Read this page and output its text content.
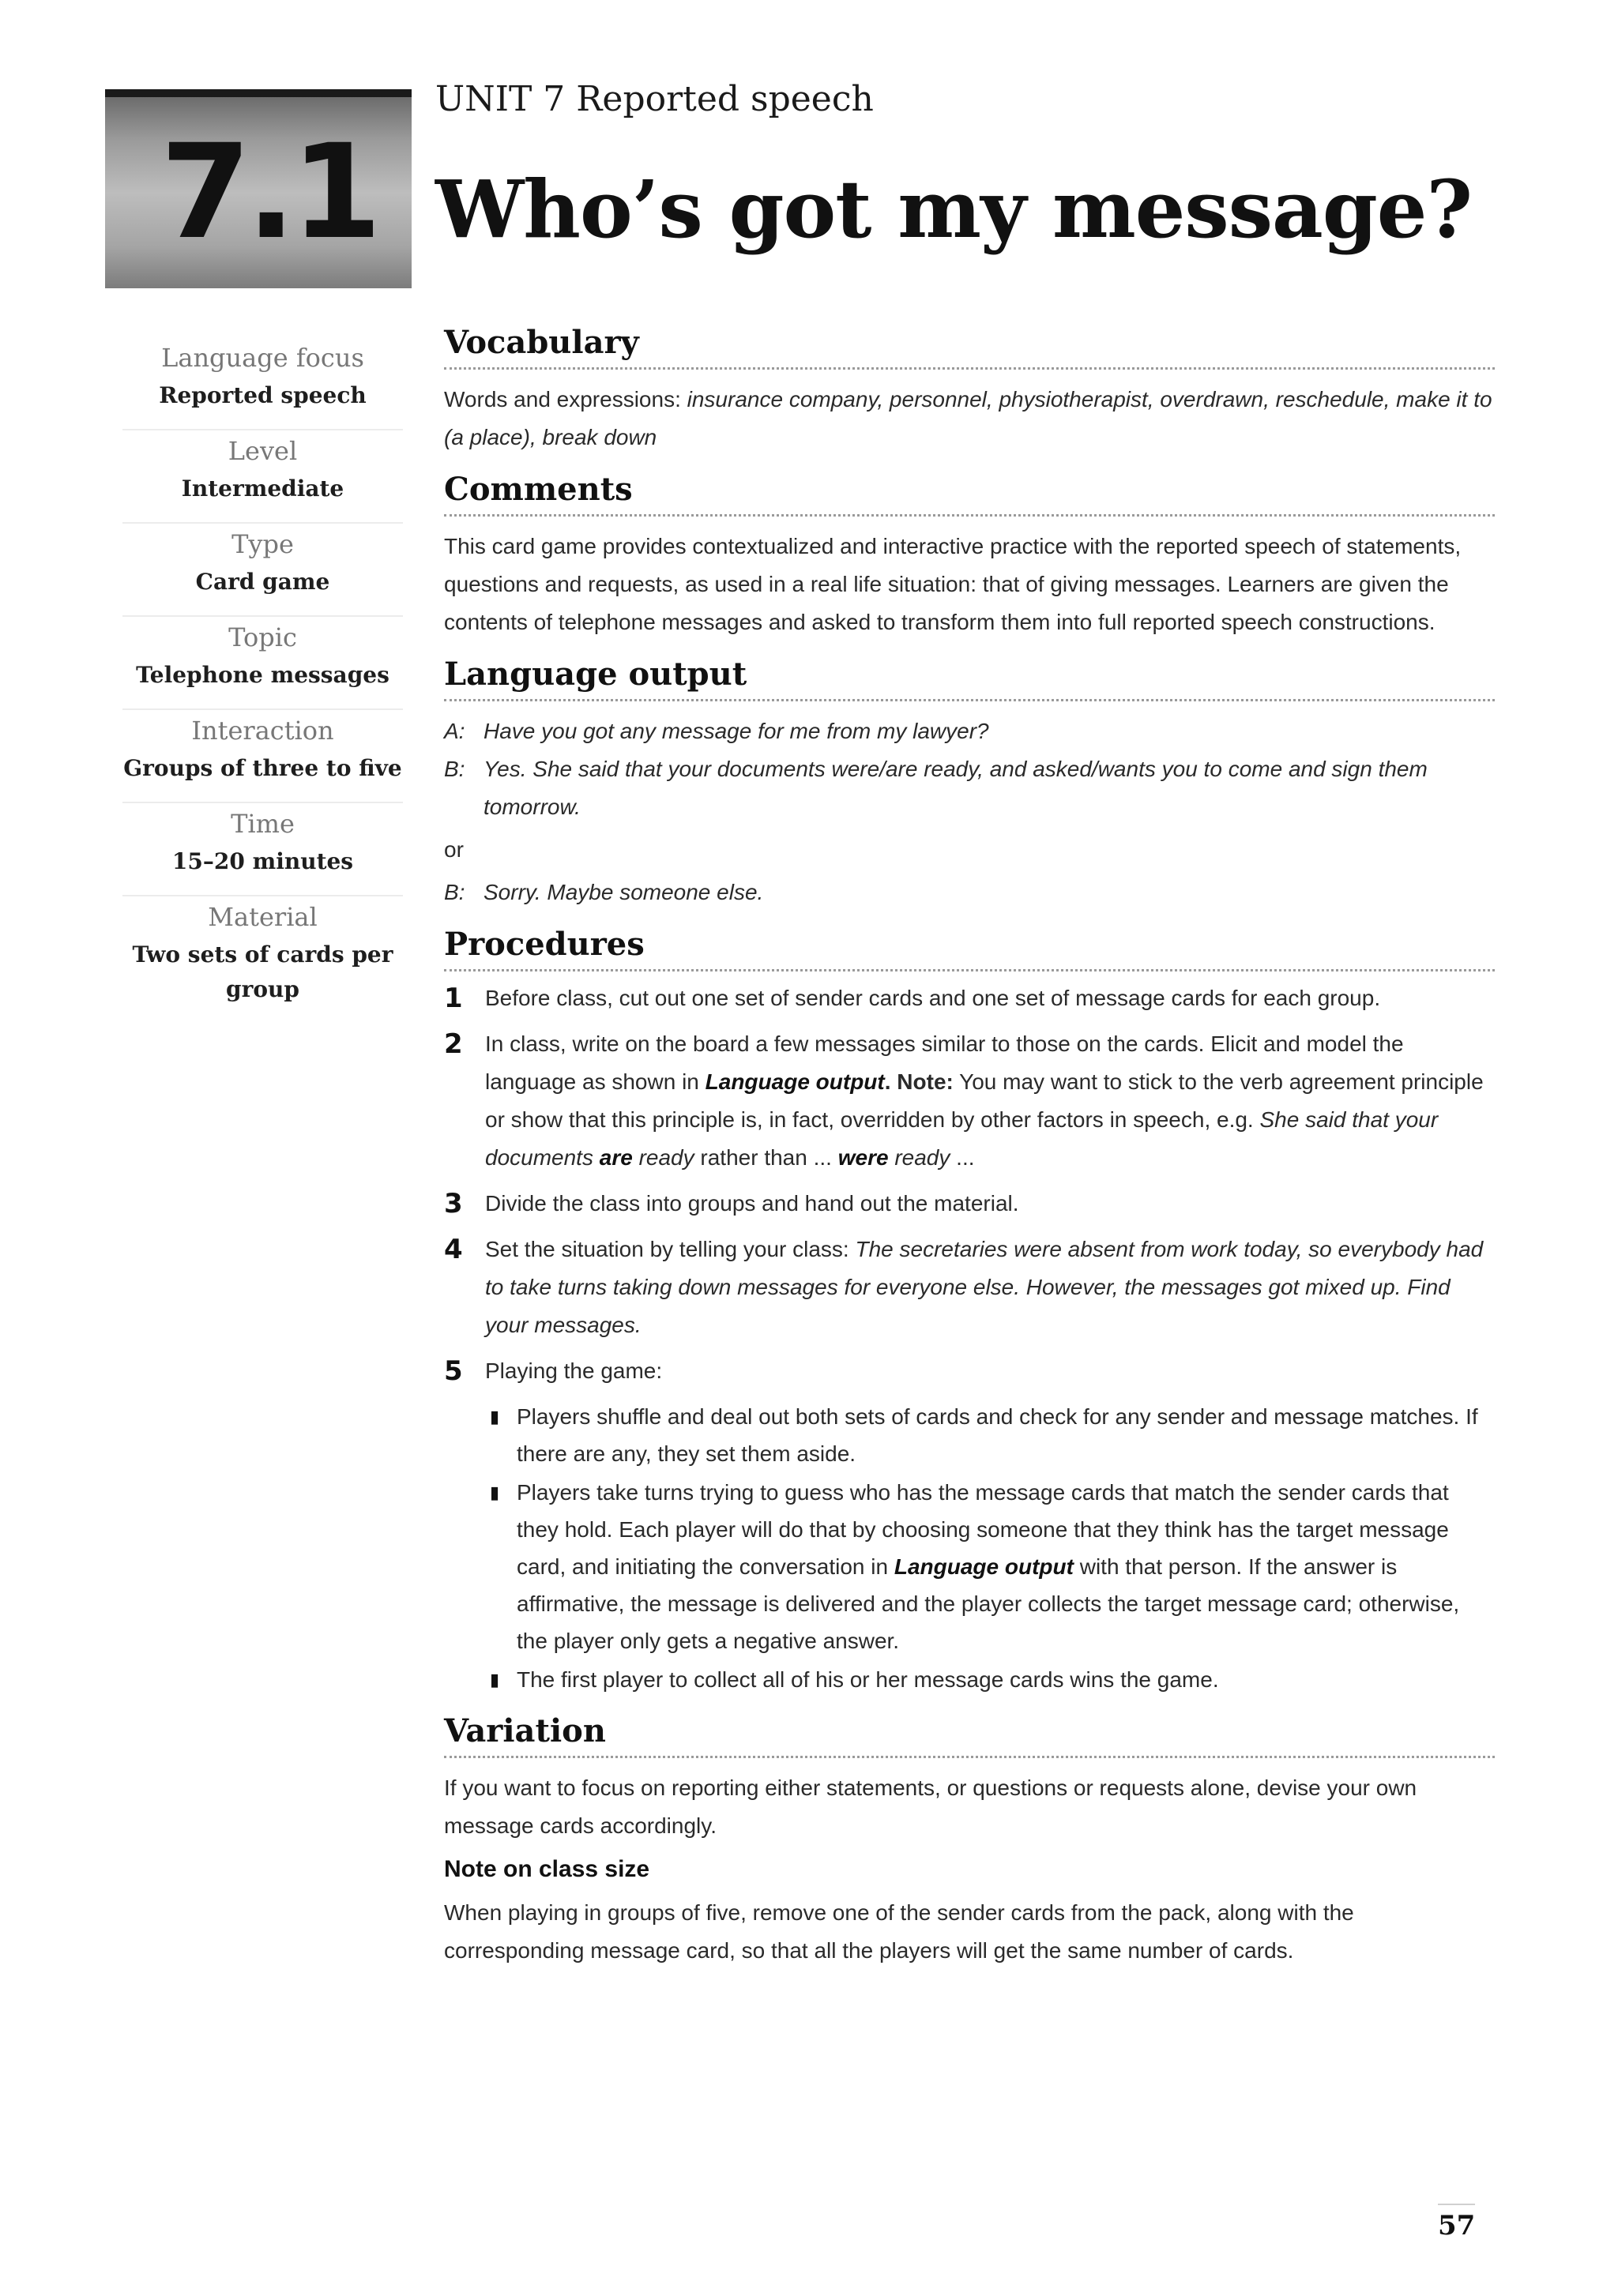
7.1
UNIT 7 Reported speech
Who’s got my message?
Language focus
Reported speech
Level
Intermediate
Type
Card game
Topic
Telephone messages
Interaction
Groups of three to five
Time
15–20 minutes
Material
Two sets of cards per group
Vocabulary

Words and expressions: insurance company, personnel, physiotherapist, overdrawn, reschedule, make it to (a place), break down

Comments

This card game provides contextualized and interactive practice with the reported speech of statements, questions and requests, as used in a real life situation: that of giving messages. Learners are given the contents of telephone messages and asked to transform them into full reported speech constructions.

Language output
A: Have you got any message for me from my lawyer?
B: Yes. She said that your documents were/are ready, and asked/wants you to come and sign them tomorrow.
or
B: Sorry. Maybe someone else.
Procedures
1	Before class, cut out one set of sender cards and one set of message cards for each group.
2	In class, write on the board a few messages similar to those on the cards. Elicit and model the language as shown in Language output. Note: You may want to stick to the verb agreement principle or show that this principle is, in fact, overridden by other factors in speech, e.g. She said that your documents are ready rather than ... were ready ...
3	Divide the class into groups and hand out the material.
4	Set the situation by telling your class: The secretaries were absent from work today, so everybody had to take turns taking down messages for everyone else. However, the messages got mixed up. Find your messages.
5	Playing the game:
▮ Players shuffle and deal out both sets of cards and check for any sender and message matches. If there are any, they set them aside.
▮ Players take turns trying to guess who has the message cards that match the sender cards that they hold. Each player will do that by choosing someone that they think has the target message card, and initiating the conversation in Language output with that person. If the answer is affirmative, the message is delivered and the player collects the target message card; otherwise, the player only gets a negative answer.
▮ The first player to collect all of his or her message cards wins the game.
Variation

If you want to focus on reporting either statements, or questions or requests alone, devise your own message cards accordingly.

Note on class size

When playing in groups of five, remove one of the sender cards from the pack, along with the corresponding message card, so that all the players will get the same number of cards.

57
